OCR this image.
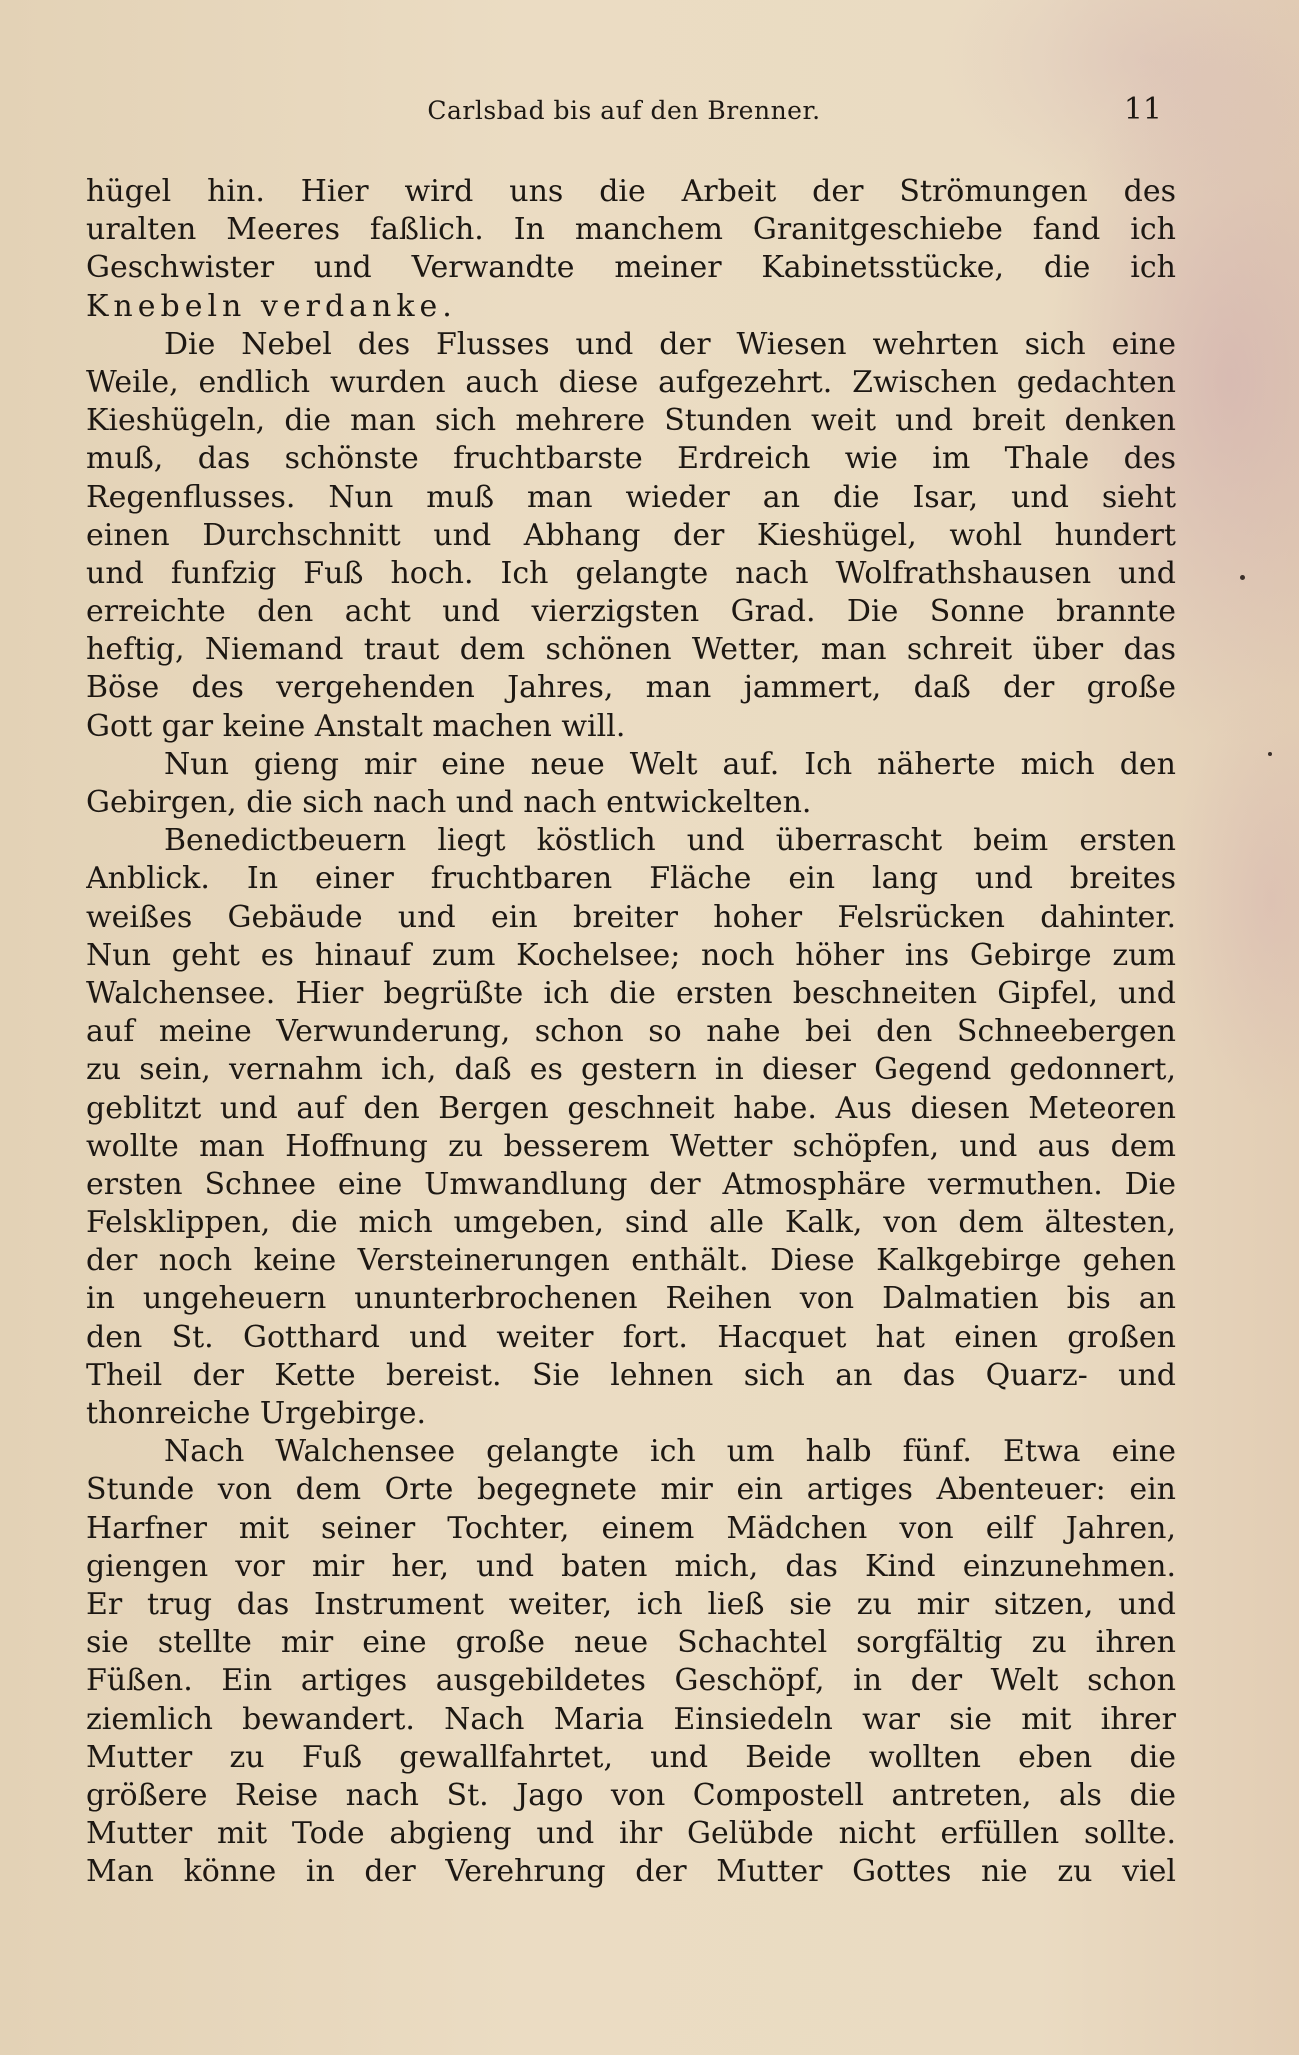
Carlsbad bis auf den Brenner.	11
hügel hin. Hier wird uns die Arbeit der Strömungen des
uralten Meeres faßlich. In manchem Granitgeschiebe fand ich
Geschwister und Verwandte meiner Kabinetsstücke, die ich
Knebeln verdanke.
Die Nebel des Flusses und der Wiesen wehrten sich eine
Weile, endlich wurden auch diese aufgezehrt. Zwischen gedachten
Kieshügeln, die man sich mehrere Stunden weit und breit denken
muß, das schönste fruchtbarste Erdreich wie im Thale des
Regenflusses. Nun muß man wieder an die Isar, und sieht
einen Durchschnitt und Abhang der Kieshügel, wohl hundert
und funfzig Fuß hoch. Ich gelangte nach Wolfrathshausen und
erreichte den acht und vierzigsten Grad. Die Sonne brannte
heftig, Niemand traut dem schönen Wetter, man schreit über das
Böse des vergehenden Jahres, man jammert, daß der große
Gott gar keine Anstalt machen will.
Nun gieng mir eine neue Welt auf. Ich näherte mich den
Gebirgen, die sich nach und nach entwickelten.
Benedictbeuern liegt köstlich und überrascht beim ersten
Anblick. In einer fruchtbaren Fläche ein lang und breites
weißes Gebäude und ein breiter hoher Felsrücken dahinter.
Nun geht es hinauf zum Kochelsee; noch höher ins Gebirge zum
Walchensee. Hier begrüßte ich die ersten beschneiten Gipfel, und
auf meine Verwunderung, schon so nahe bei den Schneebergen
zu sein, vernahm ich, daß es gestern in dieser Gegend gedonnert,
geblitzt und auf den Bergen geschneit habe. Aus diesen Meteoren
wollte man Hoffnung zu besserem Wetter schöpfen, und aus dem
ersten Schnee eine Umwandlung der Atmosphäre vermuthen. Die
Felsklippen, die mich umgeben, sind alle Kalk, von dem ältesten,
der noch keine Versteinerungen enthält. Diese Kalkgebirge gehen
in ungeheuern ununterbrochenen Reihen von Dalmatien bis an
den St. Gotthard und weiter fort. Hacquet hat einen großen
Theil der Kette bereist. Sie lehnen sich an das Quarz- und
thonreiche Urgebirge.
Nach Walchensee gelangte ich um halb fünf. Etwa eine
Stunde von dem Orte begegnete mir ein artiges Abenteuer: ein
Harfner mit seiner Tochter, einem Mädchen von eilf Jahren,
giengen vor mir her, und baten mich, das Kind einzunehmen.
Er trug das Instrument weiter, ich ließ sie zu mir sitzen, und
sie stellte mir eine große neue Schachtel sorgfältig zu ihren
Füßen. Ein artiges ausgebildetes Geschöpf, in der Welt schon
ziemlich bewandert. Nach Maria Einsiedeln war sie mit ihrer
Mutter zu Fuß gewallfahrtet, und Beide wollten eben die
größere Reise nach St. Jago von Compostell antreten, als die
Mutter mit Tode abgieng und ihr Gelübde nicht erfüllen sollte.
Man könne in der Verehrung der Mutter Gottes nie zu viel
